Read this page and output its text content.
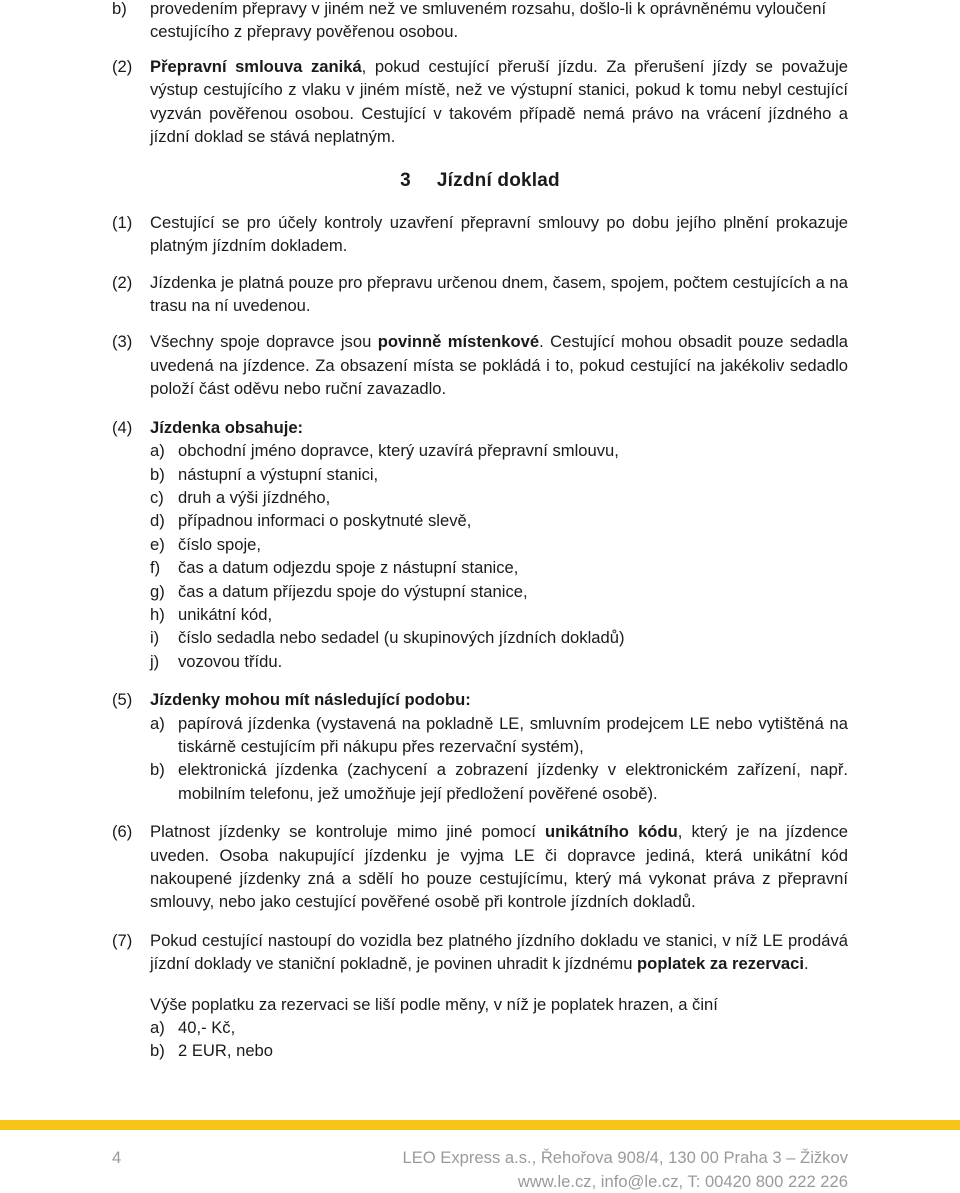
b) provedením přepravy v jiném než ve smluveném rozsahu, došlo-li k oprávněnému vyloučení cestujícího z přepravy pověřenou osobou.
(2) Přepravní smlouva zaniká, pokud cestující přeruší jízdu. Za přerušení jízdy se považuje výstup cestujícího z vlaku v jiném místě, než ve výstupní stanici, pokud k tomu nebyl cestující vyzván pověřenou osobou. Cestující v takovém případě nemá právo na vrácení jízdného a jízdní doklad se stává neplatným.
3 Jízdní doklad
(1) Cestující se pro účely kontroly uzavření přepravní smlouvy po dobu jejího plnění prokazuje platným jízdním dokladem.
(2) Jízdenka je platná pouze pro přepravu určenou dnem, časem, spojem, počtem cestujících a na trasu na ní uvedenou.
(3) Všechny spoje dopravce jsou povinně místenkové. Cestující mohou obsadit pouze sedadla uvedená na jízdence. Za obsazení místa se pokládá i to, pokud cestující na jakékoliv sedadlo položí část oděvu nebo ruční zavazadlo.
(4) Jízdenka obsahuje:
a) obchodní jméno dopravce, který uzavírá přepravní smlouvu,
b) nástupní a výstupní stanici,
c) druh a výši jízdného,
d) případnou informaci o poskytnuté slevě,
e) číslo spoje,
f) čas a datum odjezdu spoje z nástupní stanice,
g) čas a datum příjezdu spoje do výstupní stanice,
h) unikátní kód,
i) číslo sedadla nebo sedadel (u skupinových jízdních dokladů)
j) vozovou třídu.
(5) Jízdenky mohou mít následující podobu:
a) papírová jízdenka (vystavená na pokladně LE, smluvním prodejcem LE nebo vytištěná na tiskárně cestujícím při nákupu přes rezervační systém),
b) elektronická jízdenka (zachycení a zobrazení jízdenky v elektronickém zařízení, např. mobilním telefonu, jež umožňuje její předložení pověřené osobě).
(6) Platnost jízdenky se kontroluje mimo jiné pomocí unikátního kódu, který je na jízdence uveden. Osoba nakupující jízdenku je vyjma LE či dopravce jediná, která unikátní kód nakoupené jízdenky zná a sdělí ho pouze cestujícímu, který má vykonat práva z přepravní smlouvy, nebo jako cestující pověřené osobě při kontrole jízdních dokladů.
(7) Pokud cestující nastoupí do vozidla bez platného jízdního dokladu ve stanici, v níž LE prodává jízdní doklady ve staniční pokladně, je povinen uhradit k jízdnému poplatek za rezervaci.
Výše poplatku za rezervaci se liší podle měny, v níž je poplatek hrazen, a činí
a) 40,- Kč,
b) 2 EUR, nebo
4	LEO Express a.s., Řehořova 908/4, 130 00 Praha 3 – Žižkov
www.le.cz, info@le.cz, T: 00420 800 222 226
